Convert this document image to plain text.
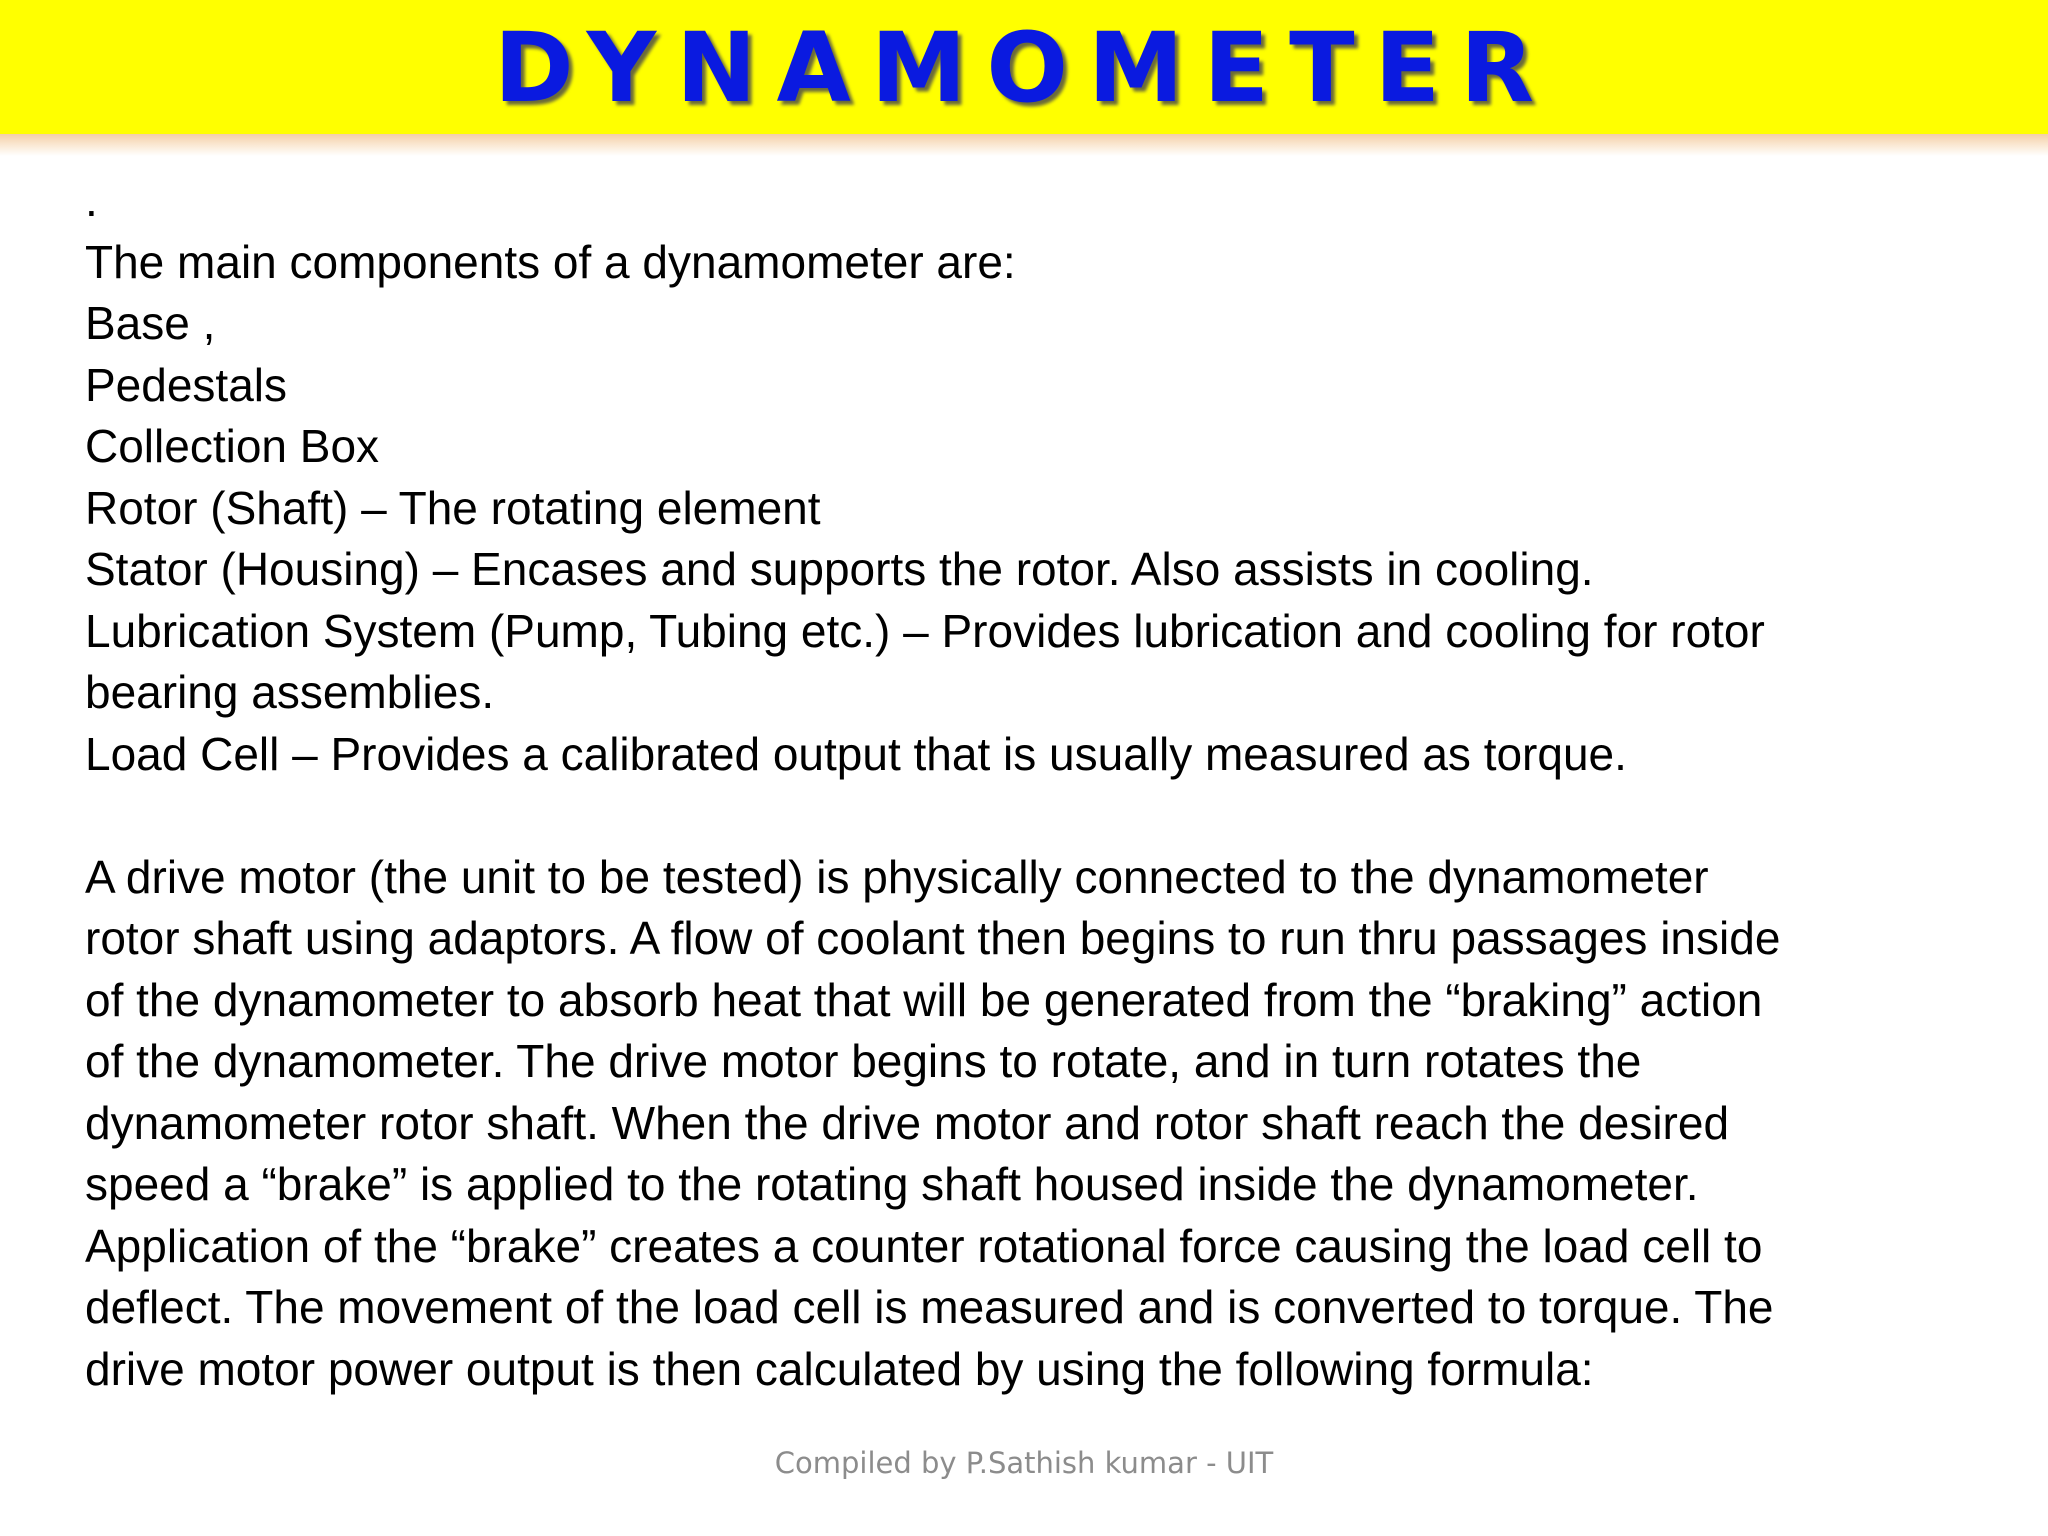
DYNAMOMETER
.
The main components of a dynamometer are:
Base ,
Pedestals
Collection Box
Rotor (Shaft) – The rotating element
Stator (Housing) – Encases and supports the rotor. Also assists in cooling.
Lubrication System (Pump, Tubing etc.) – Provides lubrication and cooling for rotor
bearing assemblies.
Load Cell – Provides a calibrated output that is usually measured as torque.
A drive motor (the unit to be tested) is physically connected to the dynamometer
rotor shaft using adaptors. A flow of coolant then begins to run thru passages inside
of the dynamometer to absorb heat that will be generated from the “braking” action
of the dynamometer. The drive motor begins to rotate, and in turn rotates the
dynamometer rotor shaft. When the drive motor and rotor shaft reach the desired
speed a “brake” is applied to the rotating shaft housed inside the dynamometer.
Application of the “brake” creates a counter rotational force causing the load cell to
deflect. The movement of the load cell is measured and is converted to torque. The
drive motor power output is then calculated by using the following formula:
Compiled by P.Sathish kumar - UIT
